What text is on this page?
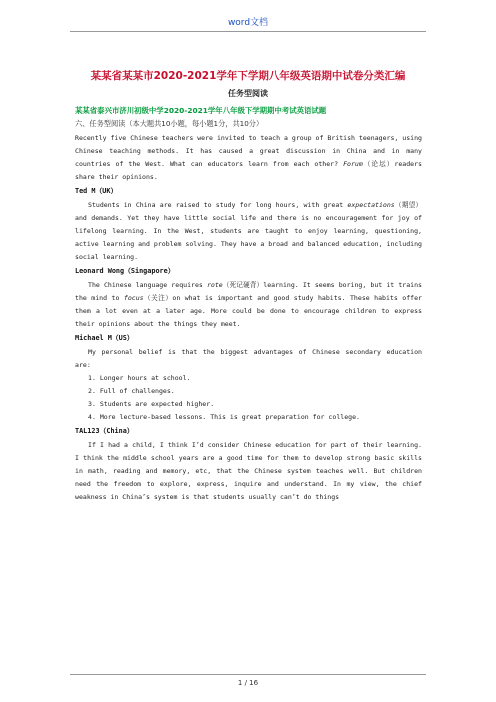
word文档
某某省某某市2020-2021学年下学期八年级英语期中试卷分类汇编
任务型阅读
某某省泰兴市济川初级中学2020-2021学年八年级下学期期中考试英语试题
六、任务型阅读（本大题共10小题，每小题1分，共10分）

Recently five Chinese teachers were invited to teach a group of British teenagers, using Chinese teaching methods. It has caused a great discussion in China and in many countries of the West. What can educators learn from each other? Forum（论坛）readers share their opinions.

Ted M（UK）

Students in China are raised to study for long hours, with great expectations（期望）and demands. Yet they have little social life and there is no encouragement for joy of lifelong learning. In the West, students are taught to enjoy learning, questioning, active learning and problem solving. They have a broad and balanced education, including social learning.

Leonard Wong（Singapore）

The Chinese language requires rote（死记硬背）learning. It seems boring, but it trains the mind to focus（关注）on what is important and good study habits. These habits offer them a lot even at a later age. More could be done to encourage children to express their opinions about the things they meet.

Michael M（US）

My personal belief is that the biggest advantages of Chinese secondary education are:

1. Longer hours at school.
2. Full of challenges.
3. Students are expected higher.
4. More lecture-based lessons. This is great preparation for college.
TAL123（China）

If I had a child, I think I’d consider Chinese education for part of their learning. I think the middle school years are a good time for them to develop strong basic skills in math, reading and memory, etc, that the Chinese system teaches well. But children need the freedom to explore, express, inquire and understand. In my view, the chief weakness in China’s system is that students usually can’t do things

1 / 16
